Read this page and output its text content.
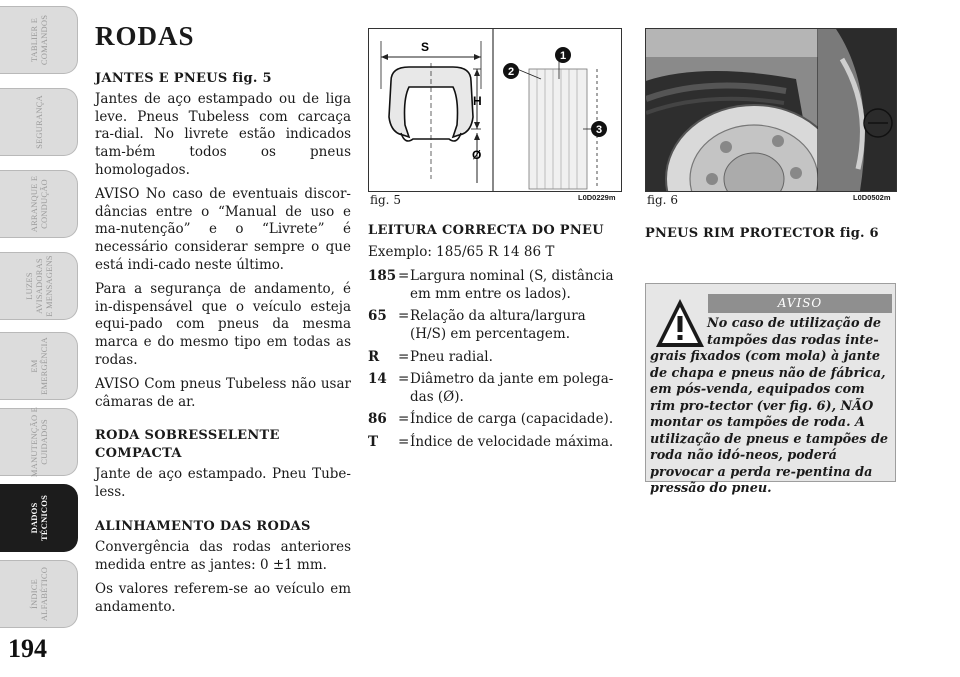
TABLIER E
COMANDOS
SEGURANÇA
ARRANQUE E
CONDUÇÃO
LUZES
AVISADORAS
E MENSAGENS
EM
EMERGÊNCIA
MANUTENÇÃO E
CUIDADOS
DADOS
TÉCNICOS
ÍNDICE
ALFABÉTICO
194
RODAS
JANTES E PNEUS fig. 5

Jantes de aço estampado ou de liga leve. Pneus Tubeless com carcaça ra-dial. No livrete estão indicados tam-bém todos os pneus homologados.

AVISO No caso de eventuais discor-dâncias entre o “Manual de uso e ma-nutenção” e o “Livrete” é necessário considerar sempre o que está indi-cado neste último.

Para a segurança de andamento, é in-dispensável que o veículo esteja equi-pado com pneus da mesma marca e do mesmo tipo em todas as rodas.

AVISO Com pneus Tubeless não usar câmaras de ar.

RODA SOBRESSELENTE COMPACTA

Jante de aço estampado. Pneu Tube-less.

ALINHAMENTO DAS RODAS

Convergência das rodas anteriores medida entre as jantes: 0 ±1 mm.

Os valores referem-se ao veículo em andamento.

S
H
Ø
2
1
3
fig. 5	L0D0229m
LEITURA CORRECTA DO PNEU

Exemplo: 185/65 R 14 86 T

185 = Largura nominal (S, distância em mm entre os lados).
65 = Relação da altura/largura (H/S) em percentagem.
R	= Pneu radial.
14 = Diâmetro da jante em polega-das (Ø).
86 = Índice de carga (capacidade).
T	= Índice de velocidade máxima.
fig. 6	L0D0502m
PNEUS RIM PROTECTOR fig. 6
AVISO
No caso de utilização de tampões das rodas inte-
grais fixados (com mola) à jante de chapa e pneus não de fábrica, em pós-venda, equipados com rim pro-tector (ver fig. 6), NÃO montar os tampões de roda. A utilização de pneus e tampões de roda não idó-neos, poderá provocar a perda re-pentina da pressão do pneu.
